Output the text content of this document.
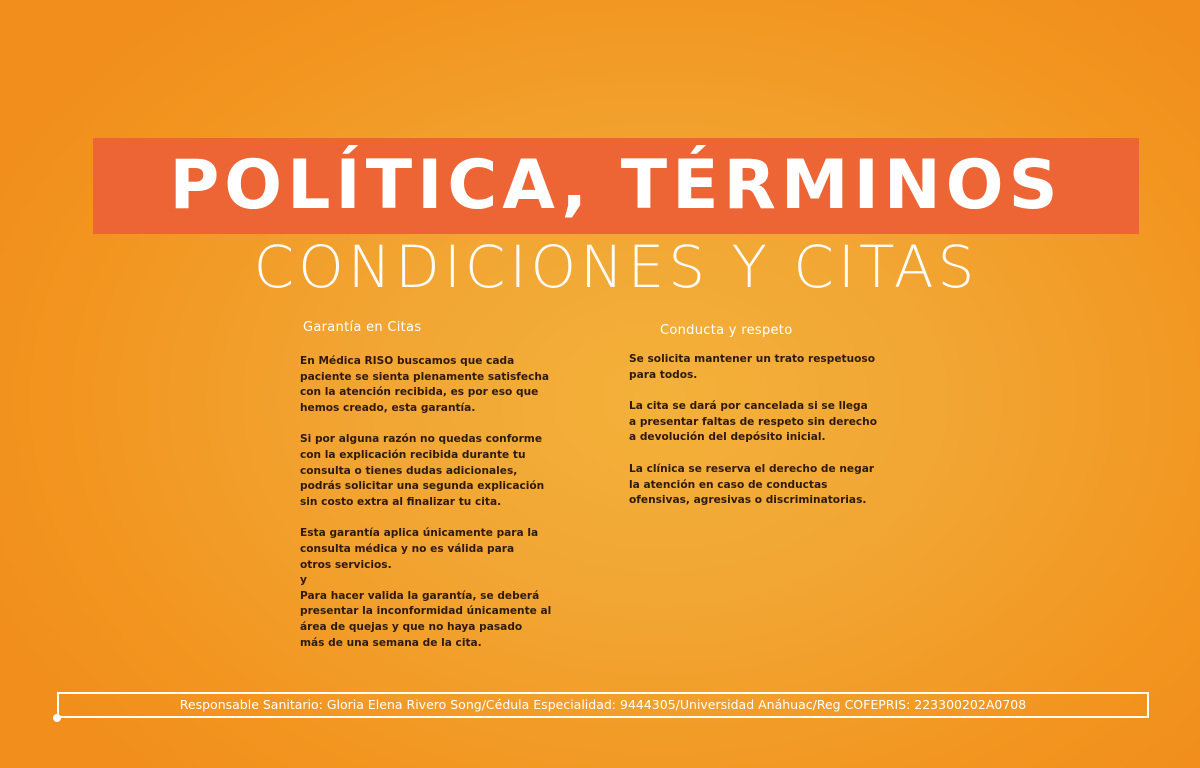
POLÍTICA, TÉRMINOS
CONDICIONES Y CITAS
Garantía en Citas	Conducta y respeto
En Médica RISO buscamos que cada
paciente se sienta plenamente satisfecha
con la atención recibida, es por eso que
hemos creado, esta garantía.
Si por alguna razón no quedas conforme
con la explicación recibida durante tu
consulta o tienes dudas adicionales,
podrás solicitar una segunda explicación
sin costo extra al finalizar tu cita.
Esta garantía aplica únicamente para la
consulta médica y no es válida para
otros servicios.
y
Para hacer valida la garantía, se deberá
presentar la inconformidad únicamente al
área de quejas y que no haya pasado
más de una semana de la cita.
Se solicita mantener un trato respetuoso
para todos.
La cita se dará por cancelada si se llega
a presentar faltas de respeto sin derecho
a devolución del depósito inicial.
La clínica se reserva el derecho de negar
la atención en caso de conductas
ofensivas, agresivas o discriminatorias.
Responsable Sanitario: Gloria Elena Rivero Song/Cédula Especialidad: 9444305/Universidad Anáhuac/Reg COFEPRIS: 223300202A0708
